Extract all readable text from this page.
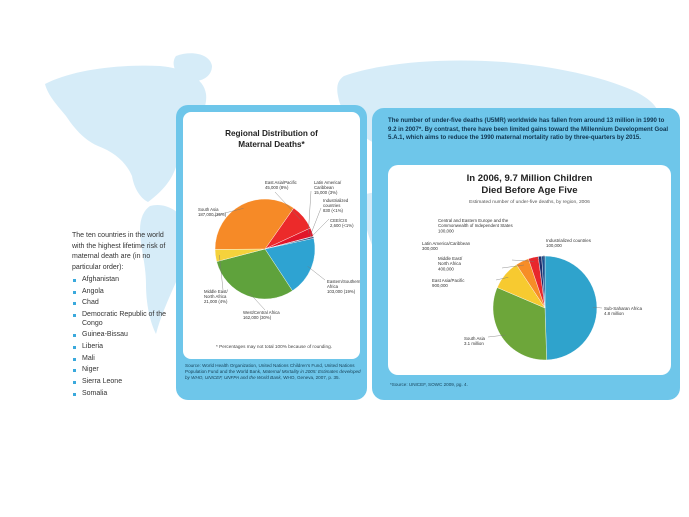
The ten countries in the world with the highest lifetime risk of maternal death are (in no particular order):

Afghanistan
Angola
Chad
Democratic Republic of the Congo
Guinea-Bissau
Liberia
Mali
Niger
Sierra Leone
Somalia
Regional Distribution of
Maternal Deaths*
East Asia/Pacific
45,000 (8%)
Latin America/
Caribbean
15,000 (3%)
Industrialized
countries
830 (<1%)
CEE/CIS
2,600 (<1%)
Eastern/Southern
Africa
103,000 (19%)
West/Central Africa
162,000 (30%)
Middle East/
North Africa
21,000 (4%)
South Asia
187,000 (35%)
* Percentages may not total 100% because of rounding.
Source: World Health Organization, United Nations Children's Fund, United Nations Population Fund and the World Bank, Maternal Mortality in 2005: Estimates developed by WHO, UNICEF, UNFPA and the World Bank, WHO, Geneva, 2007, p. 35.
The number of under-five deaths (U5MR) worldwide has fallen from around 13 million in 1990 to 9.2 in 2007*. By contrast, there have been limited gains toward the Millennium Development Goal 5.A.1, which aims to reduce the 1990 maternal mortality ratio by three-quarters by 2015.
In 2006, 9.7 Million Children
Died Before Age Five
Estimated number of under-five deaths, by region, 2006
Sub-Saharan Africa
4.8 million
South Asia
3.1 million
East Asia/Pacific
900,000
Middle East/
North Africa
400,000
Latin America/Caribbean
300,000
Central and Eastern Europe and the
Commonwealth of Independent States
100,000
Industrialized countries
100,000
*Source: UNICEF, SOWC 2009, pg. 4.
